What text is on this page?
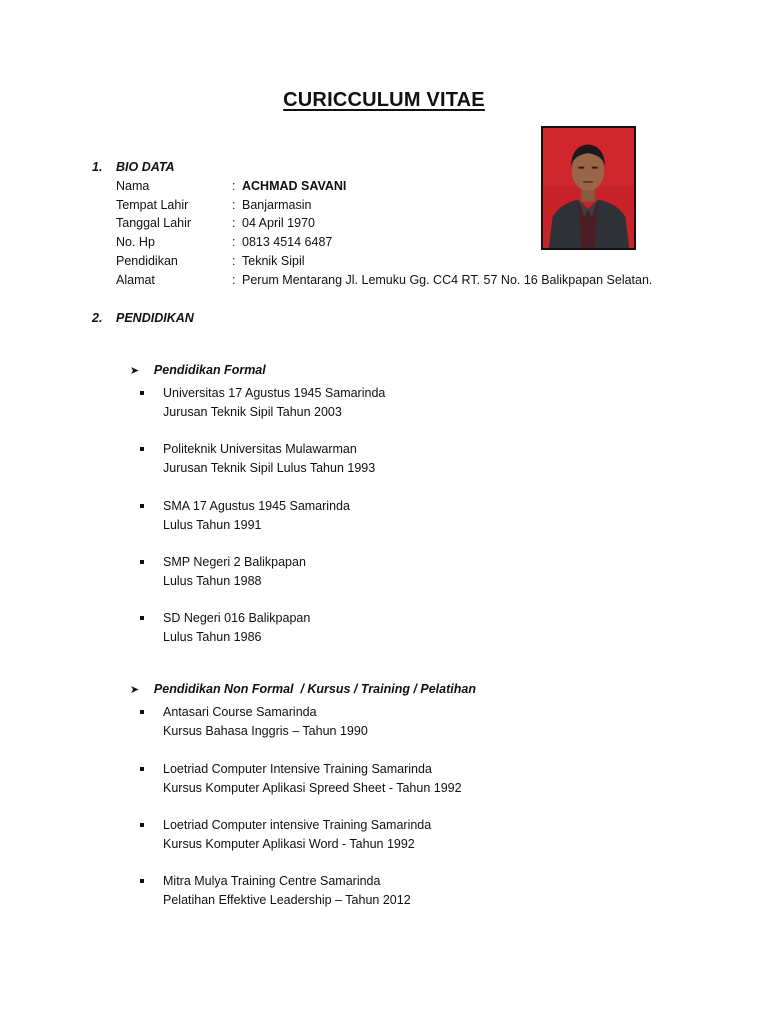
CURICCULUM VITAE
1. BIO DATA
Nama	: ACHMAD SAVANI
Tempat Lahir	: Banjarmasin
Tanggal Lahir	: 04 April 1970
No. Hp	: 0813 4514 6487
Pendidikan	: Teknik Sipil
Alamat	: Perum Mentarang Jl. Lemuku Gg. CC4 RT. 57 No. 16 Balikpapan Selatan.
2. PENDIDIKAN

➤ Pendidikan Formal

Universitas 17 Agustus 1945 Samarinda
Jurusan Teknik Sipil Tahun 2003
Politeknik Universitas Mulawarman
Jurusan Teknik Sipil Lulus Tahun 1993
SMA 17 Agustus 1945 Samarinda
Lulus Tahun 1991
SMP Negeri 2 Balikpapan
Lulus Tahun 1988
SD Negeri 016 Balikpapan
Lulus Tahun 1986

➤ Pendidikan Non Formal  / Kursus / Training / Pelatihan

Antasari Course Samarinda
Kursus Bahasa Inggris – Tahun 1990
Loetriad Computer Intensive Training Samarinda
Kursus Komputer Aplikasi Spreed Sheet - Tahun 1992
Loetriad Computer intensive Training Samarinda
Kursus Komputer Aplikasi Word - Tahun 1992
Mitra Mulya Training Centre Samarinda
Pelatihan Effektive Leadership – Tahun 2012
